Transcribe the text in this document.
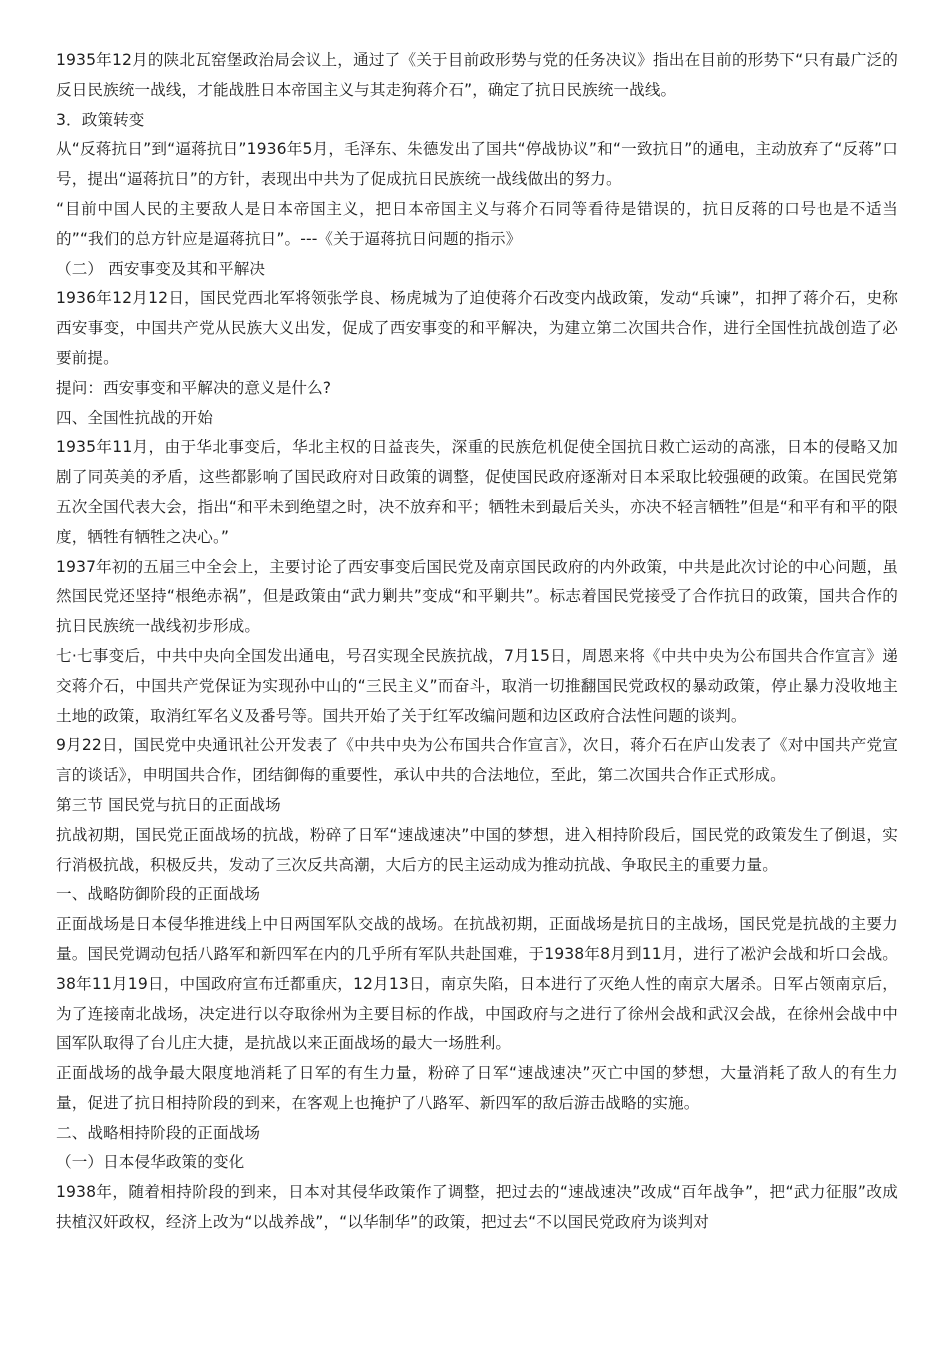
1935年12月的陕北瓦窑堡政治局会议上，通过了《关于目前政形势与党的任务决议》指出在目前的形势下“只有最广泛的反日民族统一战线，才能战胜日本帝国主义与其走狗蒋介石”，确定了抗日民族统一战线。

3．政策转变

从“反蒋抗日”到“逼蒋抗日”1936年5月，毛泽东、朱德发出了国共“停战协议”和“一致抗日”的通电，主动放弃了“反蒋”口号，提出“逼蒋抗日”的方针，表现出中共为了促成抗日民族统一战线做出的努力。

“目前中国人民的主要敌人是日本帝国主义，把日本帝国主义与蒋介石同等看待是错误的，抗日反蒋的口号也是不适当的”“我们的总方针应是逼蒋抗日”。---《关于逼蒋抗日问题的指示》

（二） 西安事变及其和平解决

1936年12月12日，国民党西北军将领张学良、杨虎城为了迫使蒋介石改变内战政策，发动“兵谏”，扣押了蒋介石，史称西安事变，中国共产党从民族大义出发，促成了西安事变的和平解决，为建立第二次国共合作，进行全国性抗战创造了必要前提。

提问：西安事变和平解决的意义是什么?

四、全国性抗战的开始

1935年11月，由于华北事变后，华北主权的日益丧失，深重的民族危机促使全国抗日救亡运动的高涨，日本的侵略又加剧了同英美的矛盾，这些都影响了国民政府对日政策的调整，促使国民政府逐渐对日本采取比较强硬的政策。在国民党第五次全国代表大会，指出“和平未到绝望之时，决不放弃和平；牺牲未到最后关头，亦决不轻言牺牲”但是“和平有和平的限度，牺牲有牺牲之决心。”

1937年初的五届三中全会上，主要讨论了西安事变后国民党及南京国民政府的内外政策，中共是此次讨论的中心问题，虽然国民党还坚持“根绝赤祸”，但是政策由“武力剿共”变成“和平剿共”。标志着国民党接受了合作抗日的政策，国共合作的抗日民族统一战线初步形成。

七·七事变后，中共中央向全国发出通电，号召实现全民族抗战，7月15日，周恩来将《中共中央为公布国共合作宣言》递交蒋介石，中国共产党保证为实现孙中山的“三民主义”而奋斗，取消一切推翻国民党政权的暴动政策，停止暴力没收地主土地的政策，取消红军名义及番号等。国共开始了关于红军改编问题和边区政府合法性问题的谈判。

9月22日，国民党中央通讯社公开发表了《中共中央为公布国共合作宣言》，次日，蒋介石在庐山发表了《对中国共产党宣言的谈话》，申明国共合作，团结御侮的重要性，承认中共的合法地位，至此，第二次国共合作正式形成。

第三节 国民党与抗日的正面战场

抗战初期，国民党正面战场的抗战，粉碎了日军“速战速决”中国的梦想，进入相持阶段后，国民党的政策发生了倒退，实行消极抗战，积极反共，发动了三次反共高潮，大后方的民主运动成为推动抗战、争取民主的重要力量。

一、战略防御阶段的正面战场

正面战场是日本侵华推进线上中日两国军队交战的战场。在抗战初期，正面战场是抗日的主战场，国民党是抗战的主要力量。国民党调动包括八路军和新四军在内的几乎所有军队共赴国难，于1938年8月到11月，进行了凇沪会战和圻口会战。38年11月19日，中国政府宣布迁都重庆，12月13日，南京失陷，日本进行了灭绝人性的南京大屠杀。日军占领南京后，为了连接南北战场，决定进行以夺取徐州为主要目标的作战，中国政府与之进行了徐州会战和武汉会战，在徐州会战中中国军队取得了台儿庄大捷，是抗战以来正面战场的最大一场胜利。

正面战场的战争最大限度地消耗了日军的有生力量，粉碎了日军“速战速决”灭亡中国的梦想，大量消耗了敌人的有生力量，促进了抗日相持阶段的到来，在客观上也掩护了八路军、新四军的敌后游击战略的实施。

二、战略相持阶段的正面战场

（一）日本侵华政策的变化

1938年，随着相持阶段的到来，日本对其侵华政策作了调整，把过去的“速战速决”改成“百年战争”，把“武力征服”改成扶植汉奸政权，经济上改为“以战养战”，“以华制华”的政策，把过去“不以国民党政府为谈判对
